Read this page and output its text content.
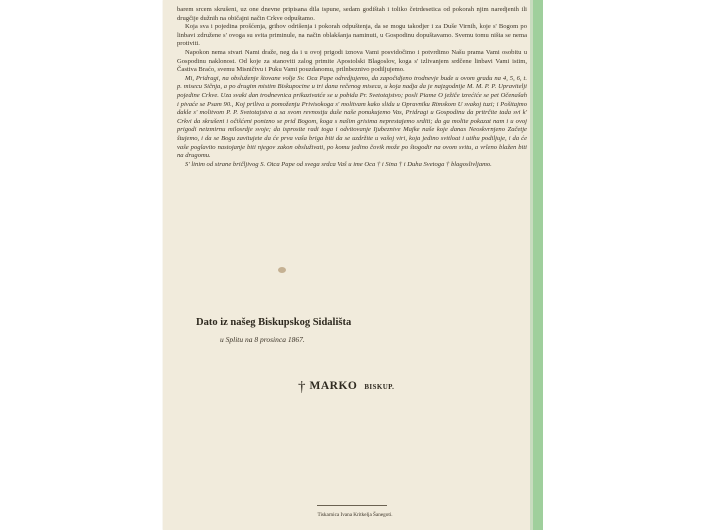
barem srcem skrušeni, uz one dnevne pripisana dila ispune, sedam godištah i toliko četrdesetica od pokorah njim naredjenih ili drugčije dužnih na običajni način Crkve odpuštamo.

Koja sva i pojedina prošćenja, grihov odrišenja i pokorah odpuštenja, da se mogu takodjer i za Duše Virnih, koje s' Bogom po linbavi združene s' ovoga su svita priminule, na način oblakšanja naminuti, u Gospodinu dopuštavamo. Svemu tomu ništa se nema protiviti.

Napokon nema stvari Nami draže, neg da i u ovoj prigodi iznova Vami posvidočimo i potvrdimo Našu prama Vami osobitu u Gospodinu naklonost. Od koje za stanoviti zalog primite Apostolski Blagoslov, koga s' izlivanjem srdčene linbavi Vami istim, Častiva Braćo, svemu Misničtvu i Puku Vami pouzdanomu, prilnbeznivo podiljujemo.

Mi, Pridragi, na obsluženje štovane volje Sv. Oca Pape odredjujemo, da započidjeno trodnevje bude u ovom gradu na 4, 5, 6, t. p. misecu Sičnja, a po drugim mistim Biskupocine u tri dana rečenog miseca, u koja nadja da je najzgodnije M. M. P. P. Upravitelji pojedine Crkve. Uza svaki dan trodnevnica prikazivatće se u pobida Pr. Svetotajstvo; posli Piame O ježiče izrećiće se pet Očenašah i pivaće se Psam 90., Koj priliva u pomoženju Privisokoga s' molitvam kako slidu u Opravniku Rimskom U svakoj tuzi; i Pošitajmo dakle s' molitvom P. P. Svetotajstva a sa svom revnostju duše naše ponukujemo Vas, Pridragi u Gospodinu da pritrčite tada svi k' Crkvi da skrušeni i očišćeni ponizno se prid Bogom, koga s našim grisima neprestajemo srditi; da ga molite pokazat nam i u ovoj prigodi neizmirnu milosrdje svoje; da isprosite radi toga i odvitovanje Ijubeznive Majke naše koje danas Neoskvrnjeno Začetje štujemo, i da se Bogu zavitujete da će prva vaša briga biti da se uzdržite u vašoj viri, koja jedino svitloat i utihu podiljuje, i da će vaše poglavito nastojanje biti njegov zakon obsluživati, po komu jedino čovik može po štogodir na ovom svitu, a vrleno blažen biti na drugomu.

S' linim od strane bričljivog S. Otca Pape od svega srdca Vaš u ime Oca † i Sina † i Duha Svetoga † blagoslivljamo.

Dato iz našeg Biskupskog Sidališta
u Splitu na 8 prosinca 1867.
† MARKO BISKUP.
Tiskarnica Ivana Kritkelja Šanegoti.
